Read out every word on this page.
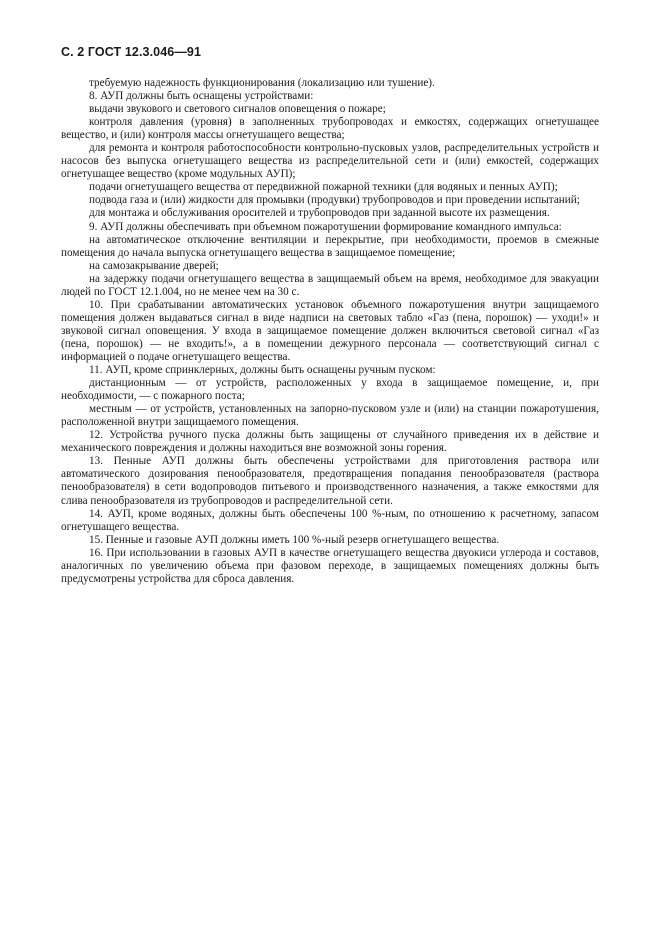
С. 2 ГОСТ 12.3.046—91

требуемую надежность функционирования (локализацию или тушение).

8. АУП должны быть оснащены устройствами:

выдачи звукового и светового сигналов оповещения о пожаре;

контроля давления (уровня) в заполненных трубопроводах и емкостях, содержащих огнетушащее вещество, и (или) контроля массы огнетушащего вещества;

для ремонта и контроля работоспособности контрольно-пусковых узлов, распределительных устройств и насосов без выпуска огнетушащего вещества из распределительной сети и (или) емкостей, содержащих огнетушащее вещество (кроме модульных АУП);

подачи огнетушащего вещества от передвижной пожарной техники (для водяных и пенных АУП);

подвода газа и (или) жидкости для промывки (продувки) трубопроводов и при проведении испытаний;

для монтажа и обслуживания оросителей и трубопроводов при заданной высоте их размещения.

9. АУП должны обеспечивать при объемном пожаротушении формирование командного импульса:

на автоматическое отключение вентиляции и перекрытие, при необходимости, проемов в смежные помещения до начала выпуска огнетушащего вещества в защищаемое помещение;

на самозакрывание дверей;

на задержку подачи огнетушащего вещества в защищаемый объем на время, необходимое для эвакуации людей по ГОСТ 12.1.004, но не менее чем на 30 с.

10. При срабатывании автоматических установок объемного пожаротушения внутри защищаемого помещения должен выдаваться сигнал в виде надписи на световых табло «Газ (пена, порошок) — уходи!» и звуковой сигнал оповещения. У входа в защищаемое помещение должен включиться световой сигнал «Газ (пена, порошок) — не входить!», а в помещении дежурного персонала — соответствующий сигнал с информацией о подаче огнетушащего вещества.

11. АУП, кроме спринклерных, должны быть оснащены ручным пуском:

дистанционным — от устройств, расположенных у входа в защищаемое помещение, и, при необходимости, — с пожарного поста;

местным — от устройств, установленных на запорно-пусковом узле и (или) на станции пожаротушения, расположенной внутри защищаемого помещения.

12. Устройства ручного пуска должны быть защищены от случайного приведения их в действие и механического повреждения и должны находиться вне возможной зоны горения.

13. Пенные АУП должны быть обеспечены устройствами для приготовления раствора или автоматического дозирования пенообразователя, предотвращения попадания пенообразователя (раствора пенообразователя) в сети водопроводов питьевого и производственного назначения, а также емкостями для слива пенообразователя из трубопроводов и распределительной сети.

14. АУП, кроме водяных, должны быть обеспечены 100 %-ным, по отношению к расчетному, запасом огнетушащего вещества.

15. Пенные и газовые АУП должны иметь 100 %-ный резерв огнетушащего вещества.

16. При использовании в газовых АУП в качестве огнетушащего вещества двуокиси углерода и составов, аналогичных по увеличению объема при фазовом переходе, в защищаемых помещениях должны быть предусмотрены устройства для сброса давления.
